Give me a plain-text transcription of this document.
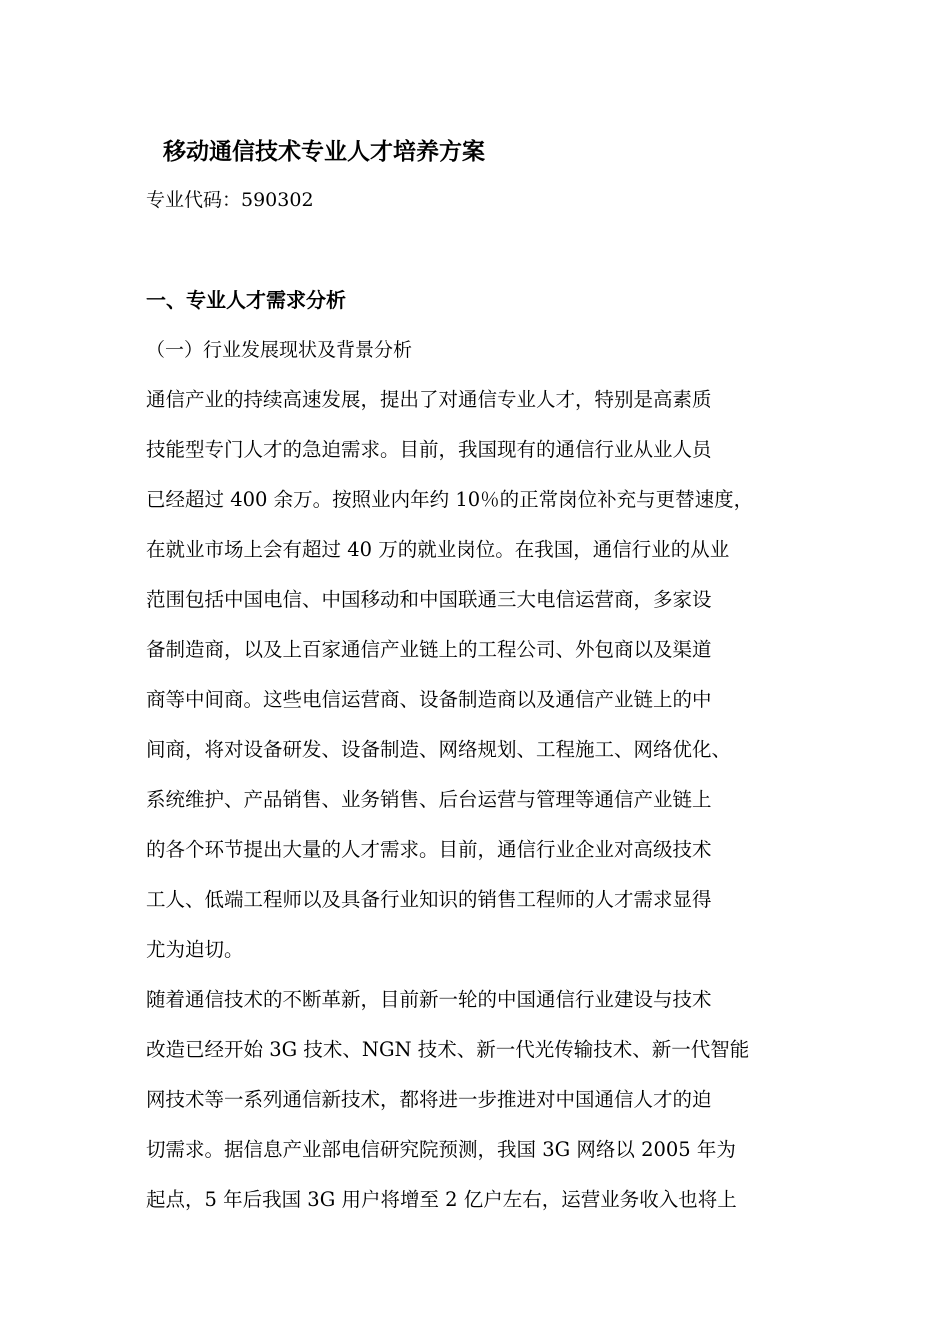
移动通信技术专业人才培养方案
专业代码：590302
一、专业人才需求分析
（一）行业发展现状及背景分析
通信产业的持续高速发展，提出了对通信专业人才，特别是高素质
技能型专门人才的急迫需求。目前，我国现有的通信行业从业人员
已经超过 400 余万。按照业内年约 10％的正常岗位补充与更替速度，
在就业市场上会有超过 40 万的就业岗位。在我国，通信行业的从业
范围包括中国电信、中国移动和中国联通三大电信运营商，多家设
备制造商，以及上百家通信产业链上的工程公司、外包商以及渠道
商等中间商。这些电信运营商、设备制造商以及通信产业链上的中
间商，将对设备研发、设备制造、网络规划、工程施工、网络优化、
系统维护、产品销售、业务销售、后台运营与管理等通信产业链上
的各个环节提出大量的人才需求。目前，通信行业企业对高级技术
工人、低端工程师以及具备行业知识的销售工程师的人才需求显得
尤为迫切。
随着通信技术的不断革新，目前新一轮的中国通信行业建设与技术
改造已经开始 3G 技术、NGN 技术、新一代光传输技术、新一代智能
网技术等一系列通信新技术，都将进一步推进对中国通信人才的迫
切需求。据信息产业部电信研究院预测，我国 3G 网络以 2005 年为
起点，5 年后我国 3G 用户将增至 2 亿户左右，运营业务收入也将上
